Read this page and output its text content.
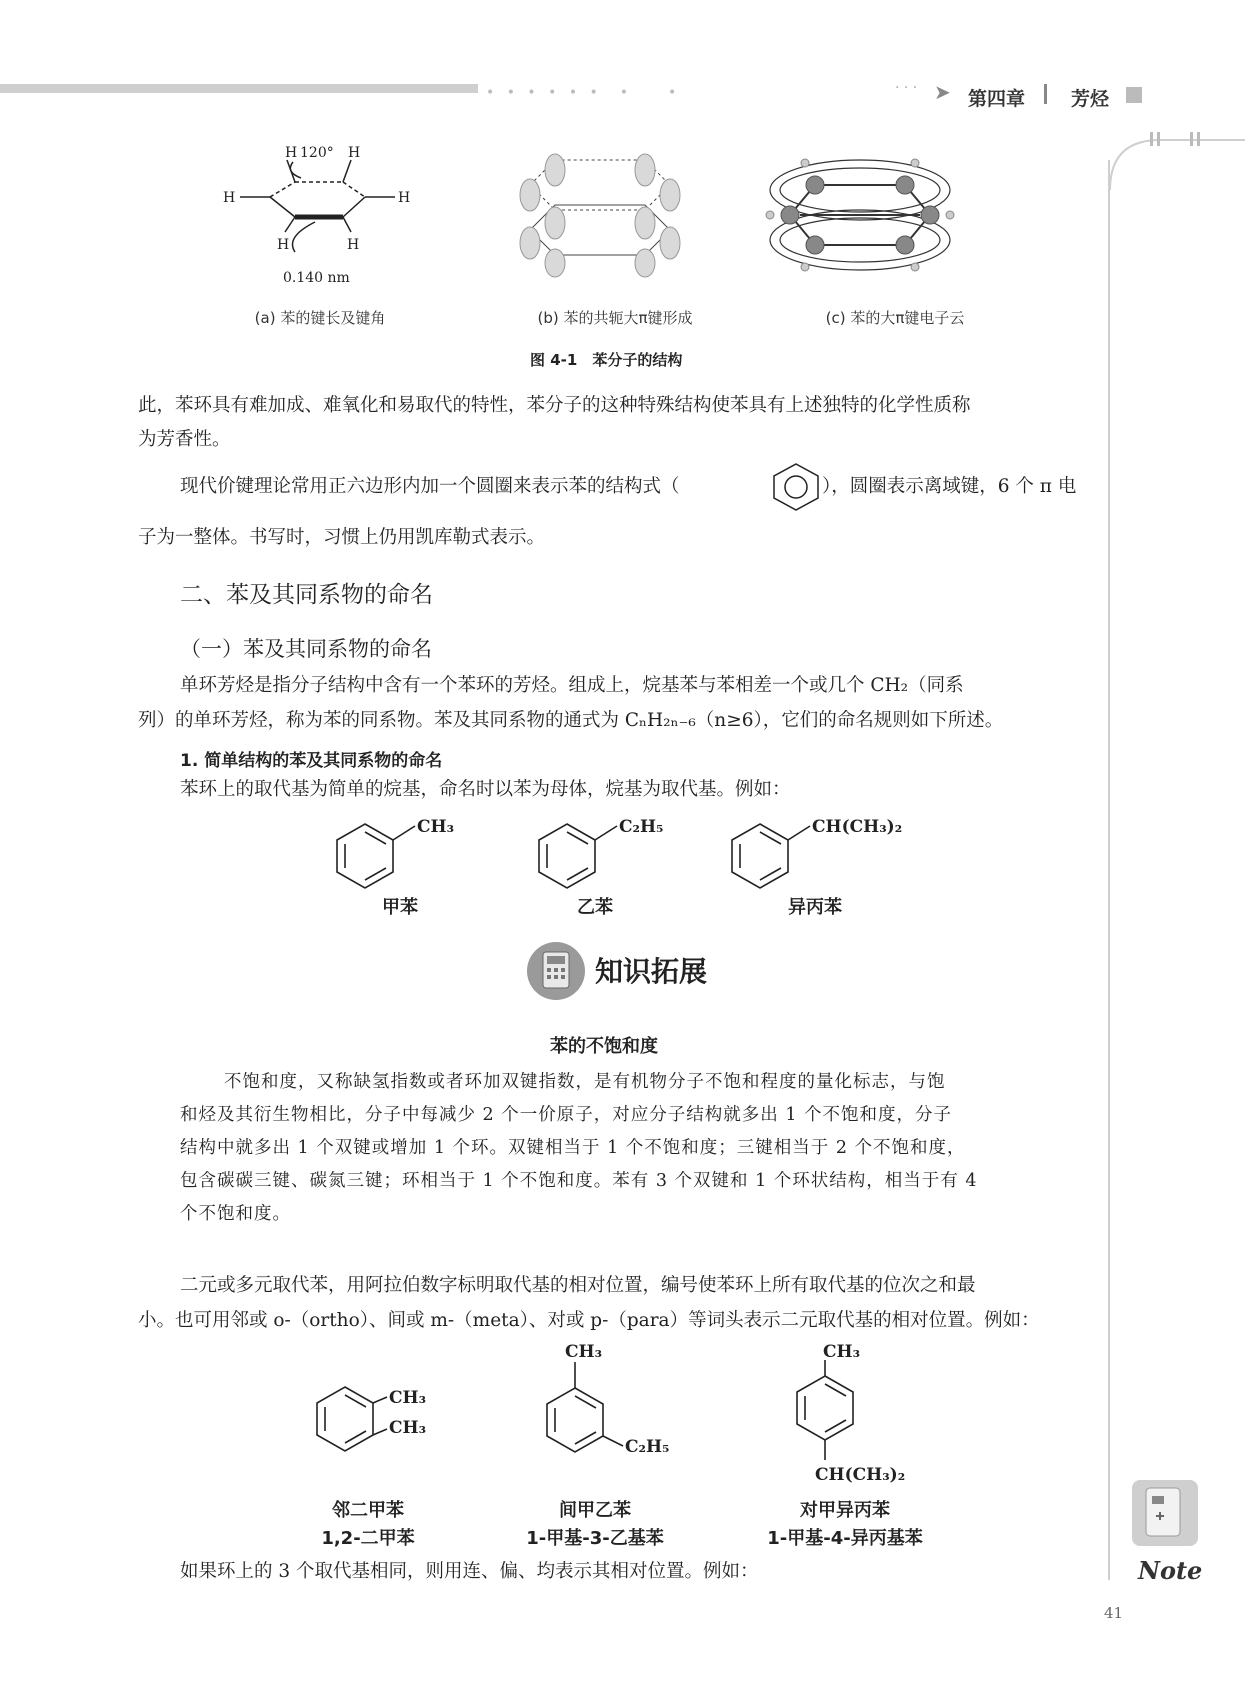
• • • • • •　•　　•	· · · ➤ 第四章 芳烃
H 120° H
H	H
H	H
0.140 nm
(a) 苯的键长及键角	(b) 苯的共轭大π键形成	(c) 苯的大π键电子云
图 4-1　苯分子的结构
此，苯环具有难加成、难氧化和易取代的特性，苯分子的这种特殊结构使苯具有上述独特的化学性质称
为芳香性。
现代价键理论常用正六边形内加一个圆圈来表示苯的结构式（	），圆圈表示离域键，6 个 π 电
子为一整体。书写时，习惯上仍用凯库勒式表示。
二、苯及其同系物的命名
（一）苯及其同系物的命名
单环芳烃是指分子结构中含有一个苯环的芳烃。组成上，烷基苯与苯相差一个或几个 CH₂（同系
列）的单环芳烃，称为苯的同系物。苯及其同系物的通式为 CₙH₂ₙ₋₆（n≥6），它们的命名规则如下所述。
1. 简单结构的苯及其同系物的命名
苯环上的取代基为简单的烷基，命名时以苯为母体，烷基为取代基。例如：
CH₃
甲苯
C₂H₅
乙苯
CH(CH₃)₂
异丙苯
知识拓展
苯的不饱和度
不饱和度，又称缺氢指数或者环加双键指数，是有机物分子不饱和程度的量化标志，与饱
和烃及其衍生物相比，分子中每减少 2 个一价原子，对应分子结构就多出 1 个不饱和度，分子
结构中就多出 1 个双键或增加 1 个环。双键相当于 1 个不饱和度；三键相当于 2 个不饱和度，
包含碳碳三键、碳氮三键；环相当于 1 个不饱和度。苯有 3 个双键和 1 个环状结构，相当于有 4
个不饱和度。
二元或多元取代苯，用阿拉伯数字标明取代基的相对位置，编号使苯环上所有取代基的位次之和最
小。也可用邻或 o-（ortho）、间或 m-（meta）、对或 p-（para）等词头表示二元取代基的相对位置。例如：
CH₃
CH₃
CH₃
C₂H₅
CH₃
CH(CH₃)₂
邻二甲苯
1,2-二甲苯
间甲乙苯
1-甲基-3-乙基苯
对甲异丙苯
1-甲基-4-异丙基苯
如果环上的 3 个取代基相同，则用连、偏、均表示其相对位置。例如：	Note
41
